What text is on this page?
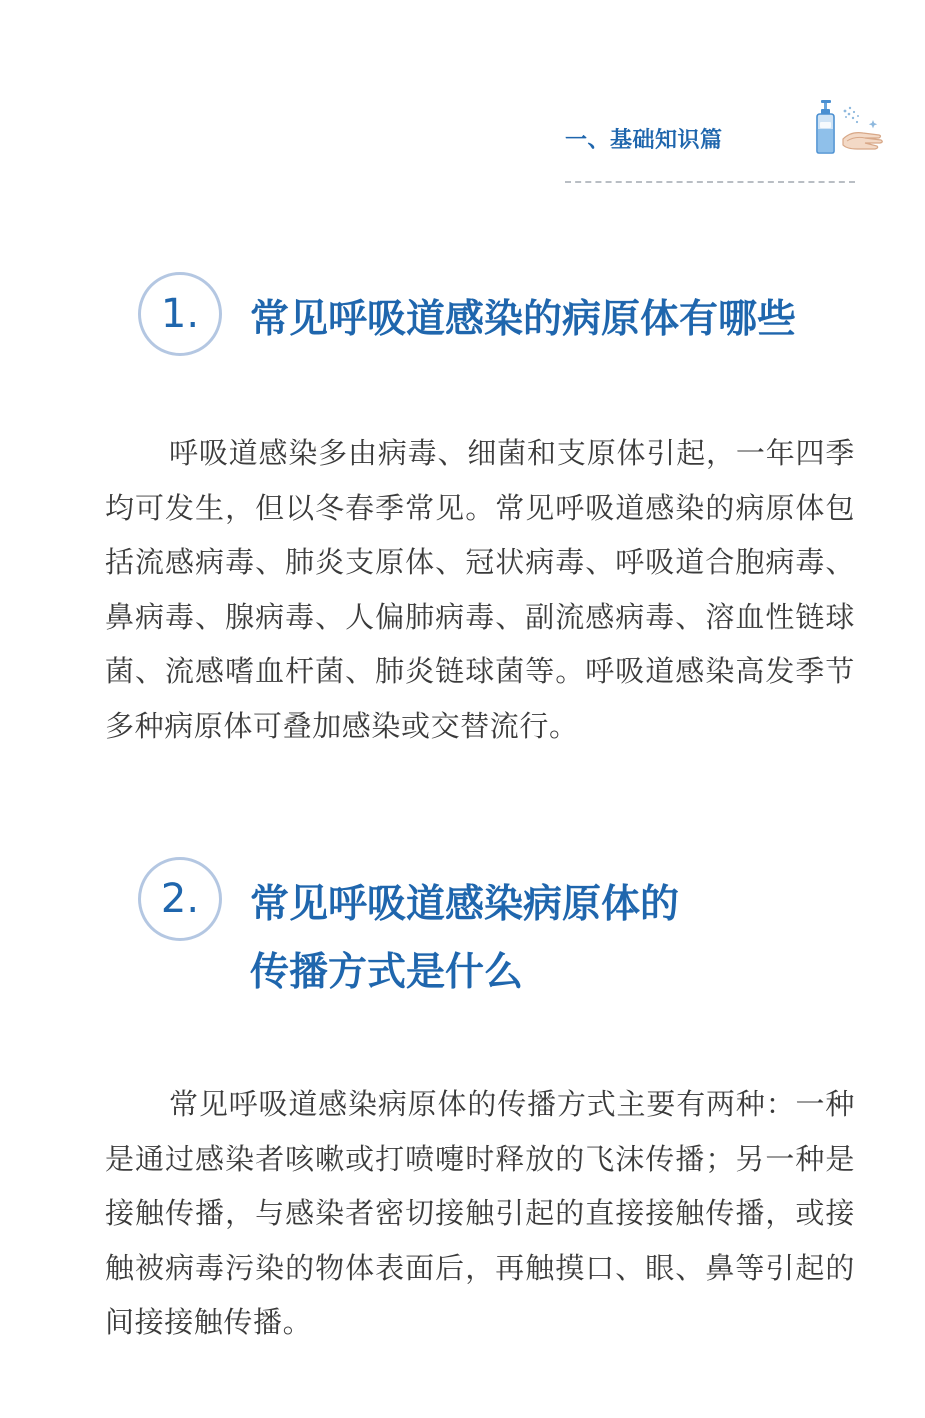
一、基础知识篇
1.	常见呼吸道感染的病原体有哪些
呼吸道感染多由病毒、细菌和支原体引起，一年四季均可发生，但以冬春季常见。常见呼吸道感染的病原体包括流感病毒、肺炎支原体、冠状病毒、呼吸道合胞病毒、鼻病毒、腺病毒、人偏肺病毒、副流感病毒、溶血性链球菌、流感嗜血杆菌、肺炎链球菌等。呼吸道感染高发季节多种病原体可叠加感染或交替流行。
2.	常见呼吸道感染病原体的
传播方式是什么
常见呼吸道感染病原体的传播方式主要有两种：一种是通过感染者咳嗽或打喷嚏时释放的飞沫传播；另一种是接触传播，与感染者密切接触引起的直接接触传播，或接触被病毒污染的物体表面后，再触摸口、眼、鼻等引起的间接接触传播。
